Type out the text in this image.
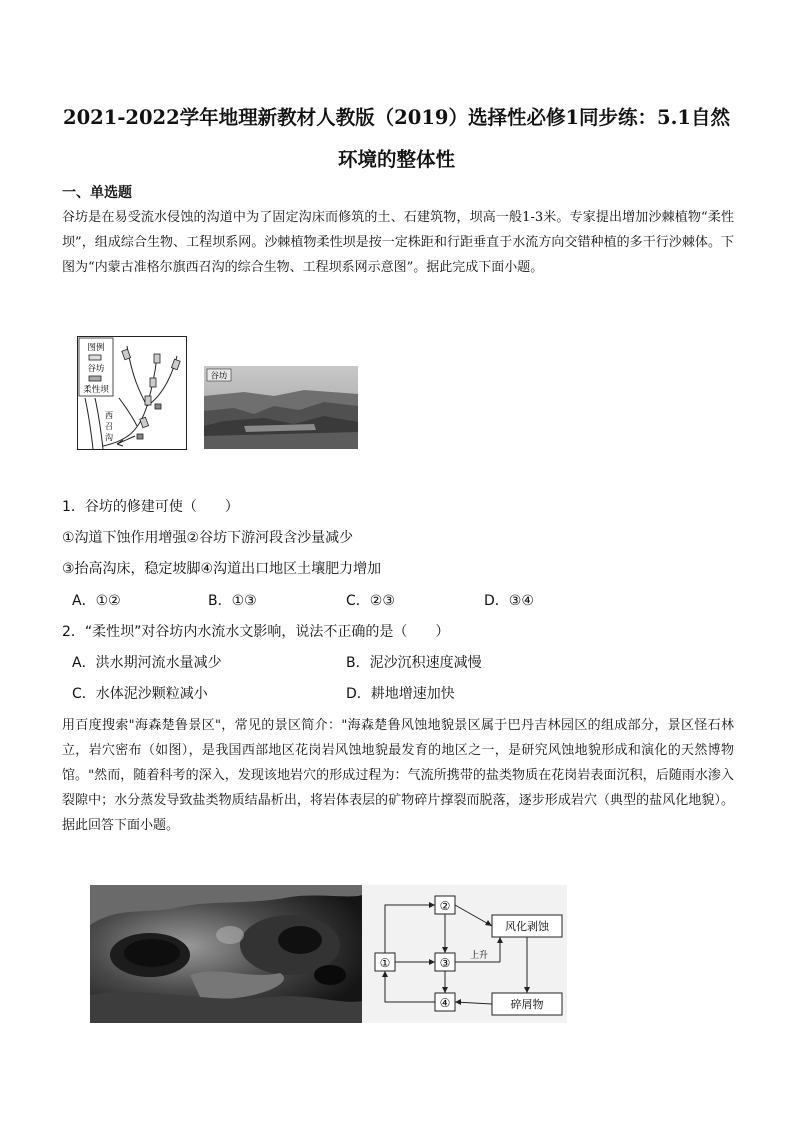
2021-2022学年地理新教材人教版（2019）选择性必修1同步练：5.1自然
环境的整体性
一、单选题
谷坊是在易受流水侵蚀的沟道中为了固定沟床而修筑的土、石建筑物，坝高一般1-3米。专家提出增加沙棘植物“柔性坝”，组成综合生物、工程坝系网。沙棘植物柔性坝是按一定株距和行距垂直于水流方向交错种植的多干行沙棘体。下图为“内蒙古准格尔旗西召沟的综合生物、工程坝系网示意图”。据此完成下面小题。
图例
谷坊
柔性坝
西
召
沟
谷坊
1．谷坊的修建可使（　　）
①沟道下蚀作用增强②谷坊下游河段含沙量减少
③抬高沟床，稳定坡脚④沟道出口地区土壤肥力增加
A．①②	B．①③	C．②③	D．③④
2．“柔性坝”对谷坊内水流水文影响，说法不正确的是（　　）
A．洪水期河流水量减少	B．泥沙沉积速度减慢
C．水体泥沙颗粒减小	D．耕地增速加快
用百度搜索"海森楚鲁景区"，常见的景区简介："海森楚鲁风蚀地貌景区属于巴丹吉林园区的组成部分，景区怪石林立，岩穴密布（如图），是我国西部地区花岗岩风蚀地貌最发育的地区之一，是研究风蚀地貌形成和演化的天然博物馆。"然而，随着科考的深入，发现该地岩穴的形成过程为：气流所携带的盐类物质在花岗岩表面沉积，后随雨水渗入裂隙中；水分蒸发导致盐类物质结晶析出，将岩体表层的矿物碎片撑裂而脱落，逐步形成岩穴（典型的盐风化地貌）。据此回答下面小题。
②
①	③
④
风化剥蚀
碎屑物
上升
